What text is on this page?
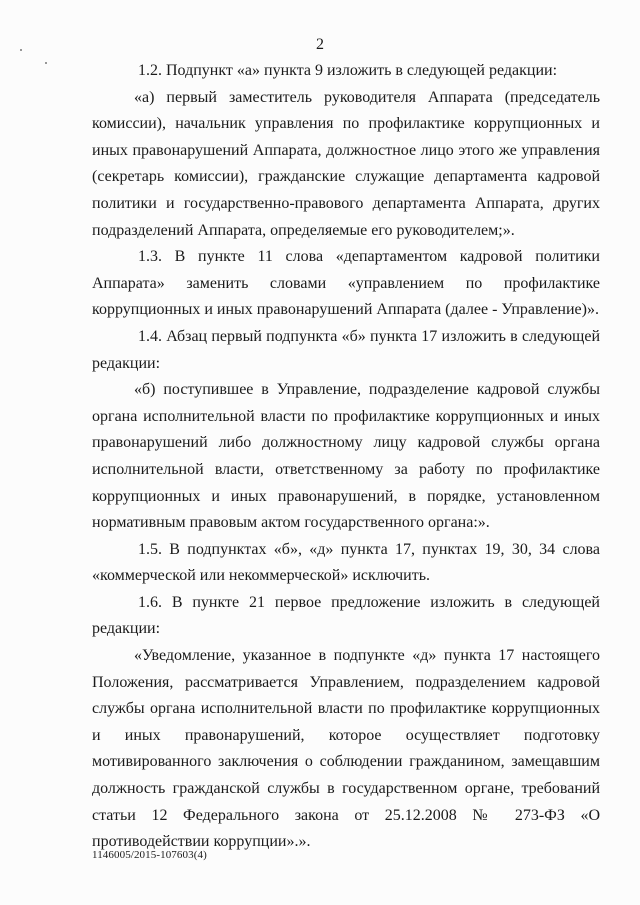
2

1.2. Подпункт «а» пункта 9 изложить в следующей редакции:

«а) первый заместитель руководителя Аппарата (председатель комиссии), начальник управления по профилактике коррупционных и иных правонарушений Аппарата, должностное лицо этого же управления (секретарь комиссии), гражданские служащие департамента кадровой политики и государственно-правового департамента Аппарата, других подразделений Аппарата, определяемые его руководителем;».

1.3. В пункте 11 слова «департаментом кадровой политики Аппарата» заменить словами «управлением по профилактике коррупционных и иных правонарушений Аппарата (далее - Управление)».

1.4. Абзац первый подпункта «б» пункта 17 изложить в следующей редакции:

«б) поступившее в Управление, подразделение кадровой службы органа исполнительной власти по профилактике коррупционных и иных правонарушений либо должностному лицу кадровой службы органа исполнительной власти, ответственному за работу по профилактике коррупционных и иных правонарушений, в порядке, установленном нормативным правовым актом государственного органа:».

1.5. В подпунктах «б», «д» пункта 17, пунктах 19, 30, 34 слова «коммерческой или некоммерческой» исключить.

1.6. В пункте 21 первое предложение изложить в следующей редакции:

«Уведомление, указанное в подпункте «д» пункта 17 настоящего Положения, рассматривается Управлением, подразделением кадровой службы органа исполнительной власти по профилактике коррупционных и иных правонарушений, которое осуществляет подготовку мотивированного заключения о соблюдении гражданином, замещавшим должность гражданской службы в государственном органе, требований статьи 12 Федерального закона от 25.12.2008 № 273-ФЗ «О противодействии коррупции».».

1146005/2015-107603(4)
